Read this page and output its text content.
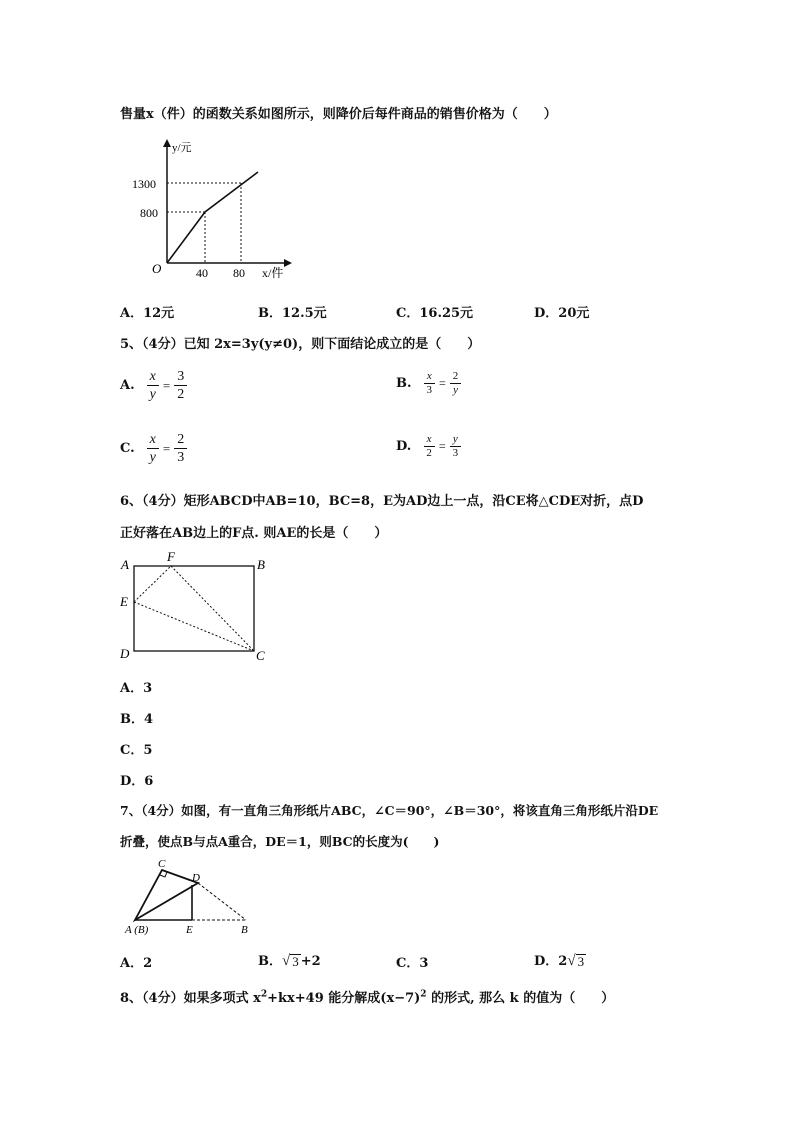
售量x（件）的函数关系如图所示，则降价后每件商品的销售价格为（　　）
y/元
1300
800
O	40 80 x/件
A．12元	B．12.5元	C．16.25元	D．20元
5、（4分）已知 2x=3y(y≠0)，则下面结论成立的是（　　）
A. $\frac{x}{y} = \frac{3}{2}$	B. $\frac{x}{3} = \frac{2}{y}$
C. $\frac{x}{y} = \frac{2}{3}$	D. $\frac{x}{2} = \frac{y}{3}$
6、（4分）矩形ABCD中AB=10，BC=8，E为AD边上一点，沿CE将△CDE对折，点D
正好落在AB边上的F点. 则AE的长是（　　）
A
F
B
E
D	C
A．3
B．4
C．5
D．6
7、（4分）如图，有一直角三角形纸片ABC，∠C＝90°，∠B＝30°，将该直角三角形纸片沿DE
折叠，使点B与点A重合，DE＝1，则BC的长度为(　　)
C
D
A (B)	E	B
A．2	B． √ 3 +2	C．3	D．2 √ 3
8、（4分）如果多项式 $x^2+kx+49$ 能分解成$(x-7)^2$ 的形式, 那么 k 的值为（　　）
